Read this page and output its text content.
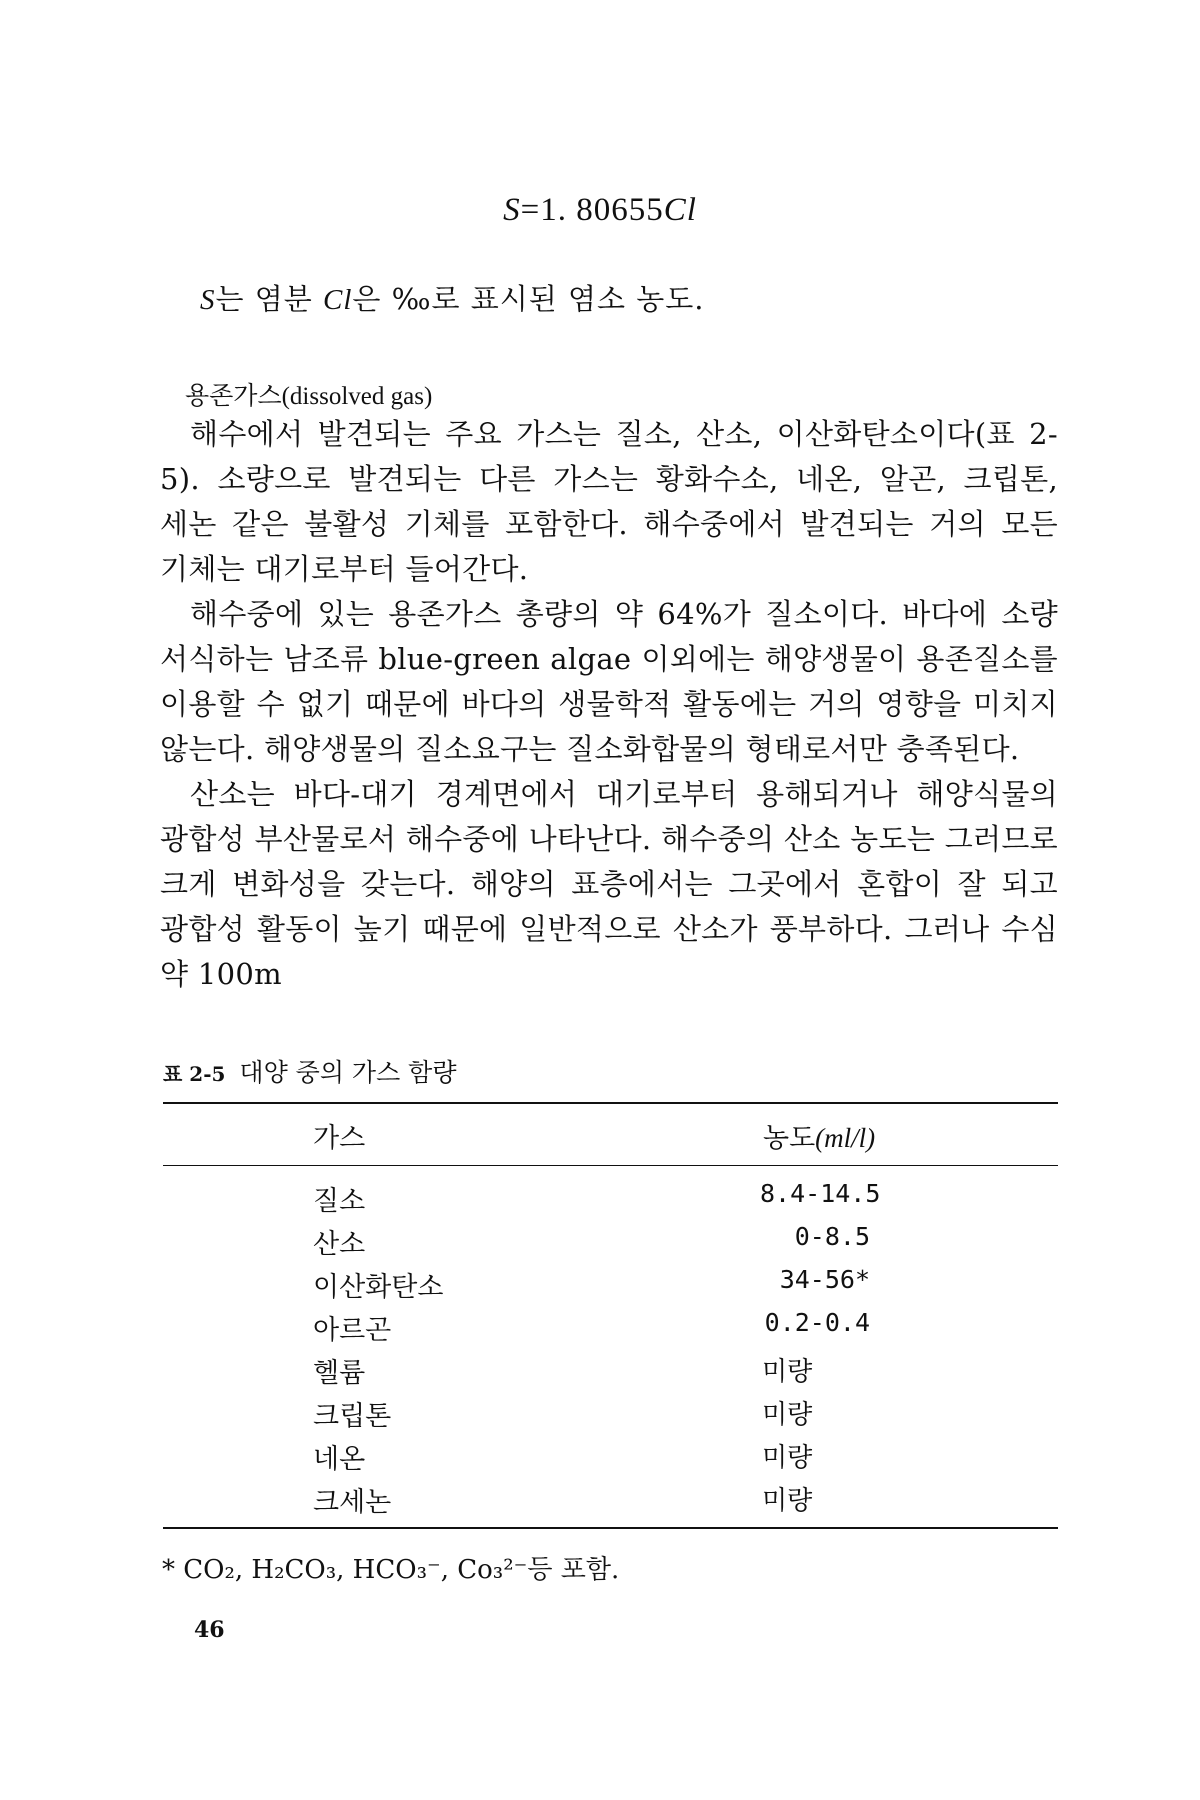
S=1. 80655Cl
S는 염분 Cl은 ‰로 표시된 염소 농도.
용존가스(dissolved gas)

해수에서 발견되는 주요 가스는 질소, 산소, 이산화탄소이다(표 2-5). 소량으로 발견되는 다른 가스는 황화수소, 네온, 알곤, 크립톤, 세논 같은 불활성 기체를 포함한다. 해수중에서 발견되는 거의 모든 기체는 대기로부터 들어간다.

해수중에 있는 용존가스 총량의 약 64%가 질소이다. 바다에 소량 서식하는 남조류 blue-green algae 이외에는 해양생물이 용존질소를 이용할 수 없기 때문에 바다의 생물학적 활동에는 거의 영향을 미치지 않는다. 해양생물의 질소요구는 질소화합물의 형태로서만 충족된다.

산소는 바다-대기 경계면에서 대기로부터 용해되거나 해양식물의 광합성 부산물로서 해수중에 나타난다. 해수중의 산소 농도는 그러므로 크게 변화성을 갖는다. 해양의 표층에서는 그곳에서 혼합이 잘 되고 광합성 활동이 높기 때문에 일반적으로 산소가 풍부하다. 그러나 수심 약 100m

표 2-5 대양 중의 가스 함량
가스	농도(ml/l)
질소	8.4-14.5
산소	0-8.5
이산화탄소	34-56*
아르곤	0.2-0.4
헬륨	미량
크립톤	미량
네온	미량
크세논	미량
* CO₂, H₂CO₃, HCO₃⁻, Co₃²⁻등 포함.
46
